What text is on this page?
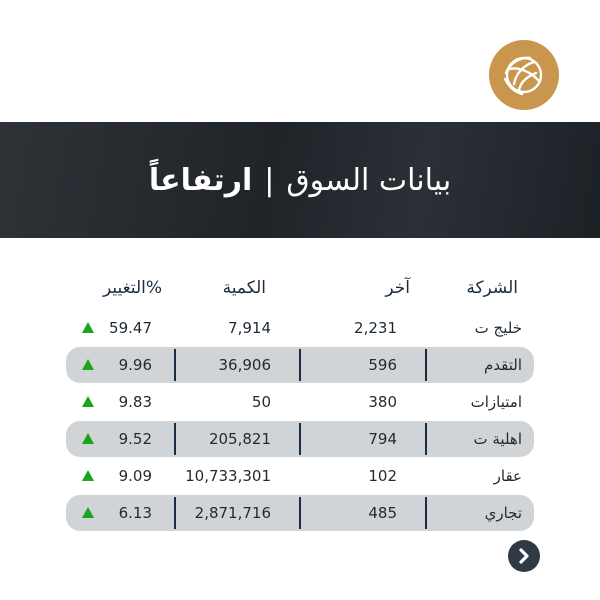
بيانات السوق
|
ارتفاعاً
الشركة
آخر
الكمية
%التغيير
خليج ت
2,231
7,914
59.47
التقدم
596
36,906
9.96
امتيازات
380
50
9.83
اهلية ت
794
205,821
9.52
عقار
102
10,733,301
9.09
تجاري
485
2,871,716
6.13
